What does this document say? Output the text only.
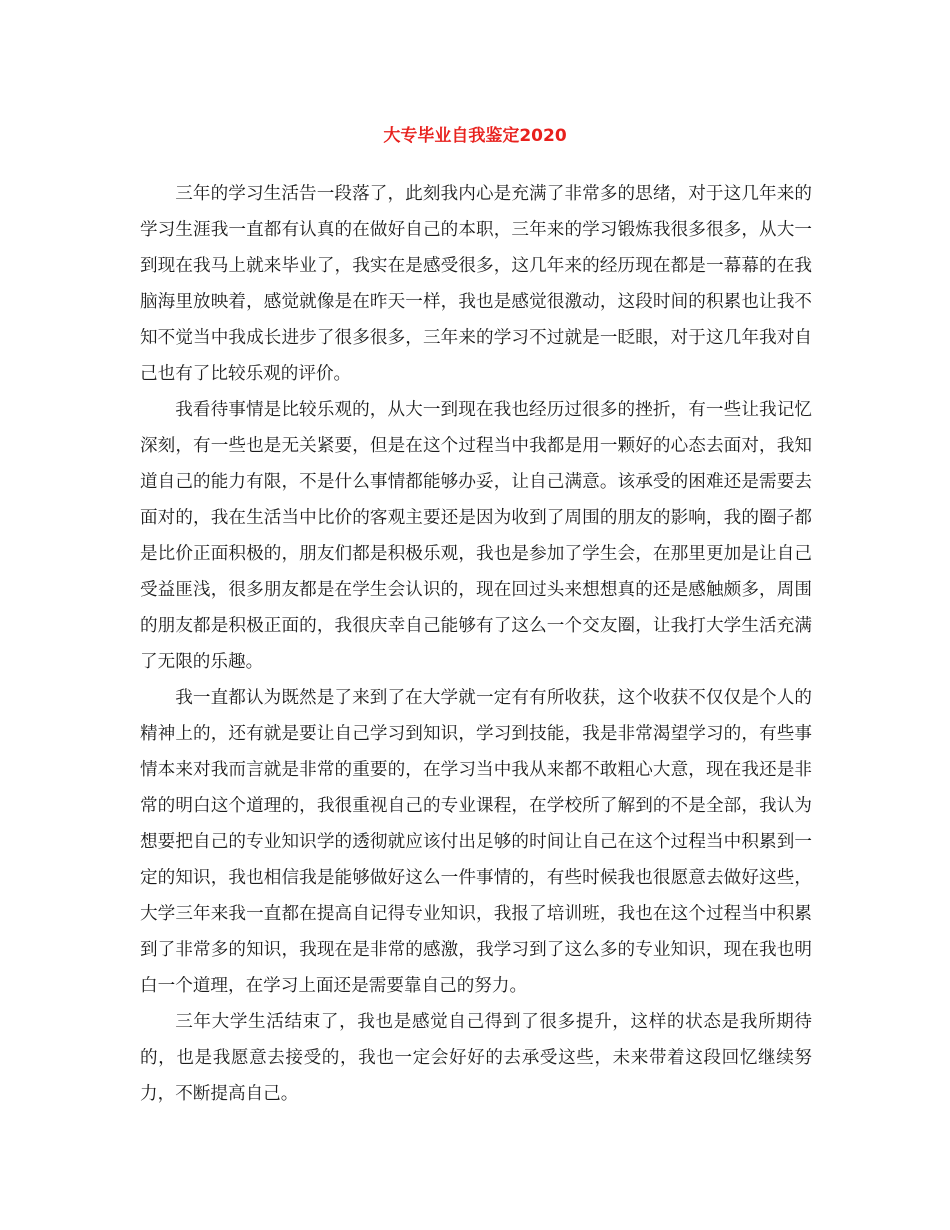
大专毕业自我鉴定2020

三年的学习生活告一段落了，此刻我内心是充满了非常多的思绪，对于这几年来的学习生涯我一直都有认真的在做好自己的本职，三年来的学习锻炼我很多很多，从大一到现在我马上就来毕业了，我实在是感受很多，这几年来的经历现在都是一幕幕的在我脑海里放映着，感觉就像是在昨天一样，我也是感觉很激动，这段时间的积累也让我不知不觉当中我成长进步了很多很多，三年来的学习不过就是一眨眼，对于这几年我对自己也有了比较乐观的评价。

我看待事情是比较乐观的，从大一到现在我也经历过很多的挫折，有一些让我记忆深刻，有一些也是无关紧要，但是在这个过程当中我都是用一颗好的心态去面对，我知道自己的能力有限，不是什么事情都能够办妥，让自己满意。该承受的困难还是需要去面对的，我在生活当中比价的客观主要还是因为收到了周围的朋友的影响，我的圈子都是比价正面积极的，朋友们都是积极乐观，我也是参加了学生会，在那里更加是让自己受益匪浅，很多朋友都是在学生会认识的，现在回过头来想想真的还是感触颇多，周围的朋友都是积极正面的，我很庆幸自己能够有了这么一个交友圈，让我打大学生活充满了无限的乐趣。

我一直都认为既然是了来到了在大学就一定有有所收获，这个收获不仅仅是个人的精神上的，还有就是要让自己学习到知识，学习到技能，我是非常渴望学习的，有些事情本来对我而言就是非常的重要的，在学习当中我从来都不敢粗心大意，现在我还是非常的明白这个道理的，我很重视自己的专业课程，在学校所了解到的不是全部，我认为想要把自己的专业知识学的透彻就应该付出足够的时间让自己在这个过程当中积累到一定的知识，我也相信我是能够做好这么一件事情的，有些时候我也很愿意去做好这些，大学三年来我一直都在提高自记得专业知识，我报了培训班，我也在这个过程当中积累到了非常多的知识，我现在是非常的感激，我学习到了这么多的专业知识，现在我也明白一个道理，在学习上面还是需要靠自己的努力。

三年大学生活结束了，我也是感觉自己得到了很多提升，这样的状态是我所期待的，也是我愿意去接受的，我也一定会好好的去承受这些，未来带着这段回忆继续努力，不断提高自己。
